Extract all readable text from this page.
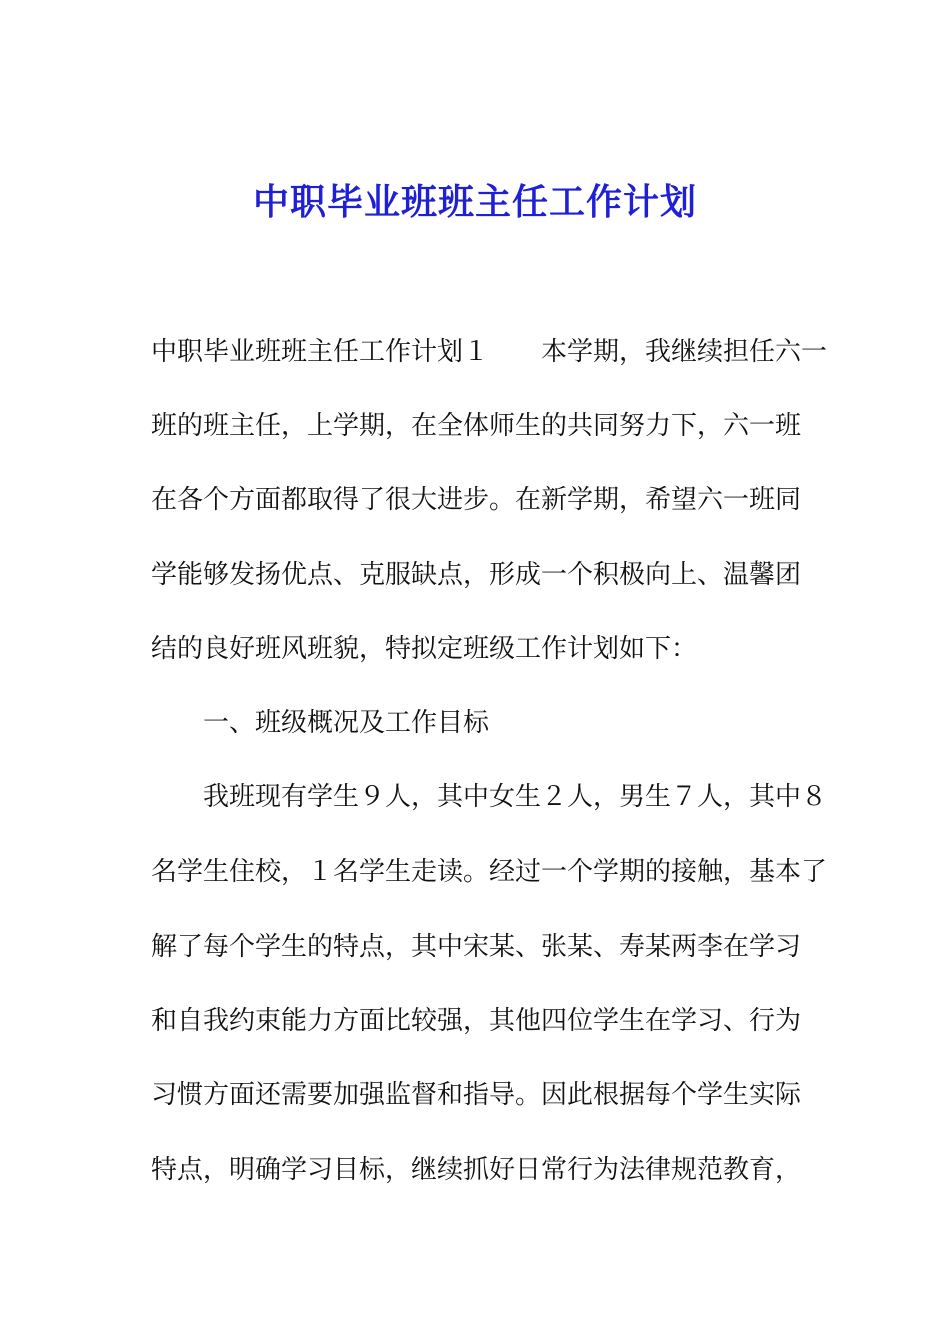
中职毕业班班主任工作计划
中职毕业班班主任工作计划１　　本学期，我继续担任六一
班的班主任，上学期，在全体师生的共同努力下，六一班
在各个方面都取得了很大进步。在新学期，希望六一班同
学能够发扬优点、克服缺点，形成一个积极向上、温馨团
结的良好班风班貌，特拟定班级工作计划如下：
一、班级概况及工作目标
我班现有学生９人，其中女生２人，男生７人，其中８
名学生住校，１名学生走读。经过一个学期的接触，基本了
解了每个学生的特点，其中宋某、张某、寿某两李在学习
和自我约束能力方面比较强，其他四位学生在学习、行为
习惯方面还需要加强监督和指导。因此根据每个学生实际
特点，明确学习目标，继续抓好日常行为法律规范教育，
